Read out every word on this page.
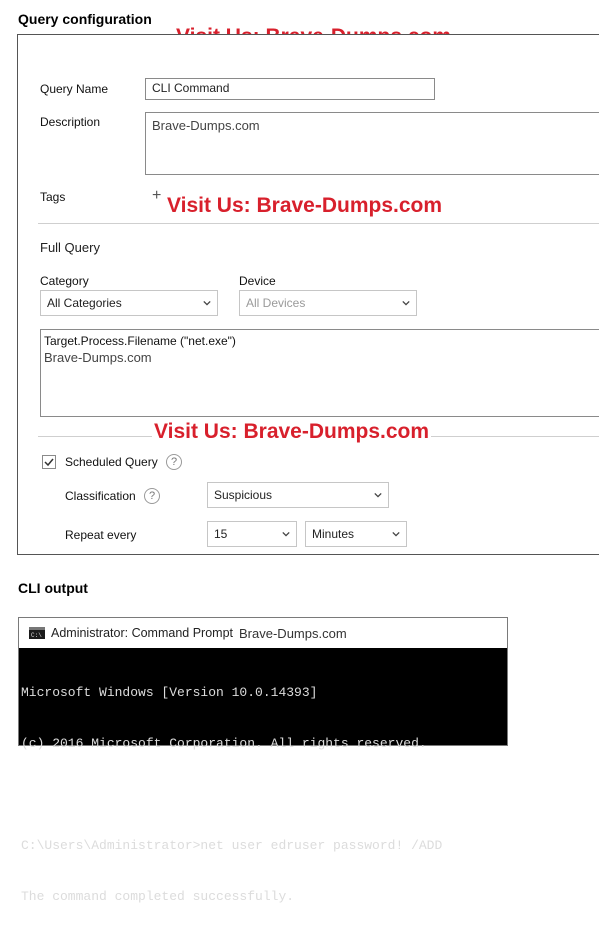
Query configuration
Query Name	CLI Command
Description	Brave-Dumps.com
Tags	+ Visit Us: Brave-Dumps.com
Full Query
Category
All Categories
Device
All Devices
Target.Process.Filename ("net.exe")
Brave-Dumps.com
Visit Us: Brave-Dumps.com
Scheduled Query	?
Classification	?	Suspicious
Repeat every	15	Minutes
CLI output
C:\ Administrator: Command Prompt Brave-Dumps.com

Microsoft Windows [Version 10.0.14393]

(c) 2016 Microsoft Corporation. All rights reserved.

C:\Users\Administrator>net user edruser password! /ADD

The command completed successfully.
